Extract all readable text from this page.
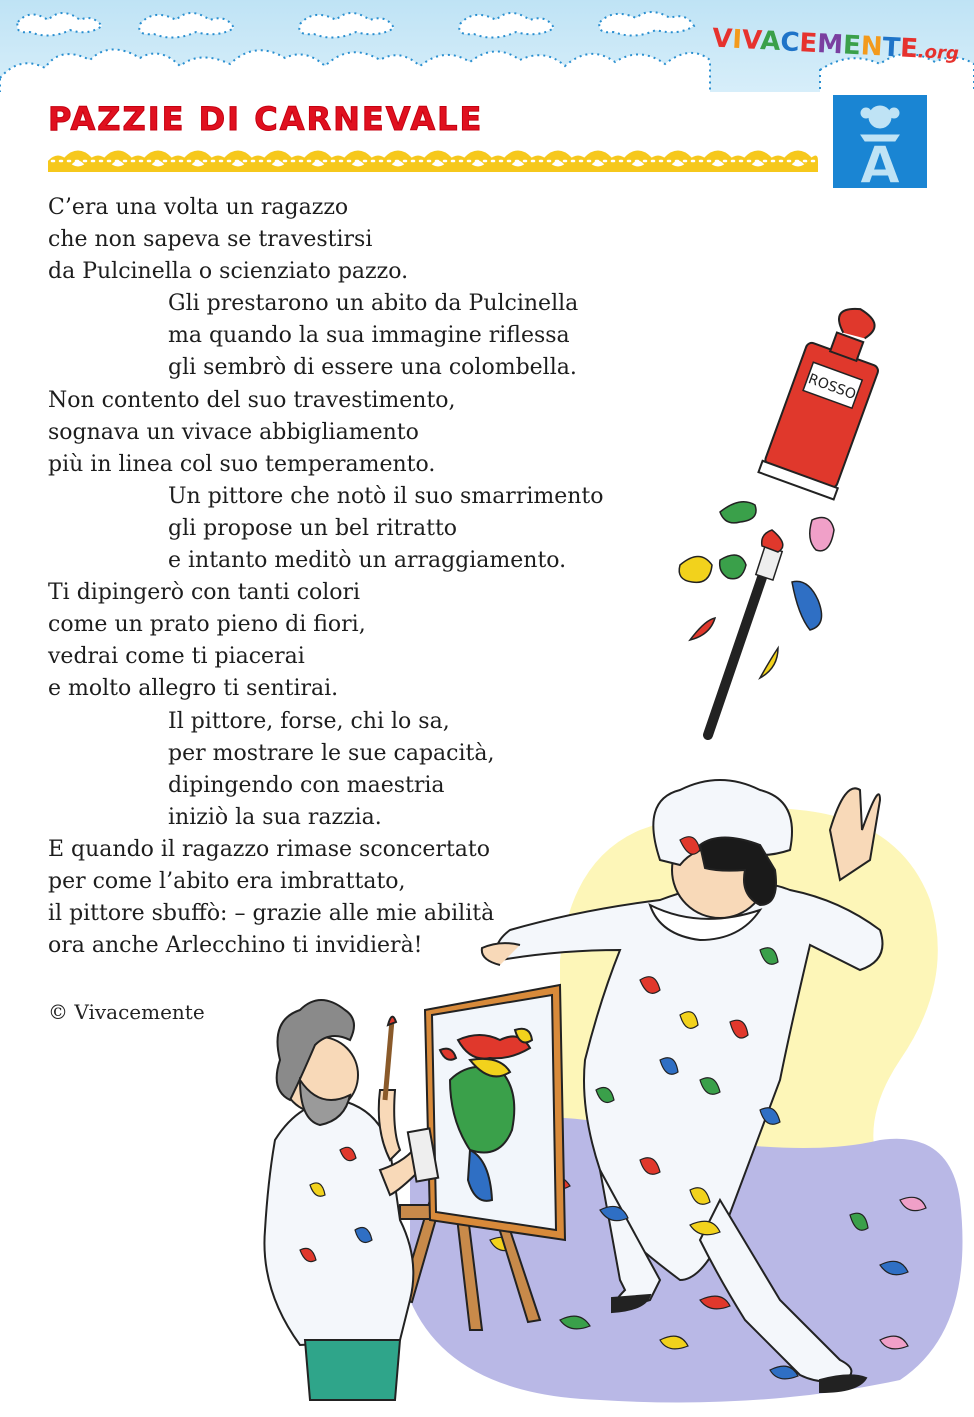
VIVACEMENTE.org
PAZZIE DI CARNEVALE
A
C’era una volta un ragazzo
che non sapeva se travestirsi
da Pulcinella o scienziato pazzo.
Gli prestarono un abito da Pulcinella
ma quando la sua immagine riflessa
gli sembrò di essere una colombella.
Non contento del suo travestimento,
sognava un vivace abbigliamento
più in linea col suo temperamento.
Un pittore che notò il suo smarrimento
gli propose un bel ritratto
e intanto meditò un arraggiamento.
Ti dipingerò con tanti colori
come un prato pieno di fiori,
vedrai come ti piacerai
e molto allegro ti sentirai.
Il pittore, forse, chi lo sa,
per mostrare le sue capacità,
dipingendo con maestria
iniziò la sua razzia.
E quando il ragazzo rimase sconcertato
per come l’abito era imbrattato,
il pittore sbuffò: – grazie alle mie abilità
ora anche Arlecchino ti invidierà!
© Vivacemente
ROSSO
